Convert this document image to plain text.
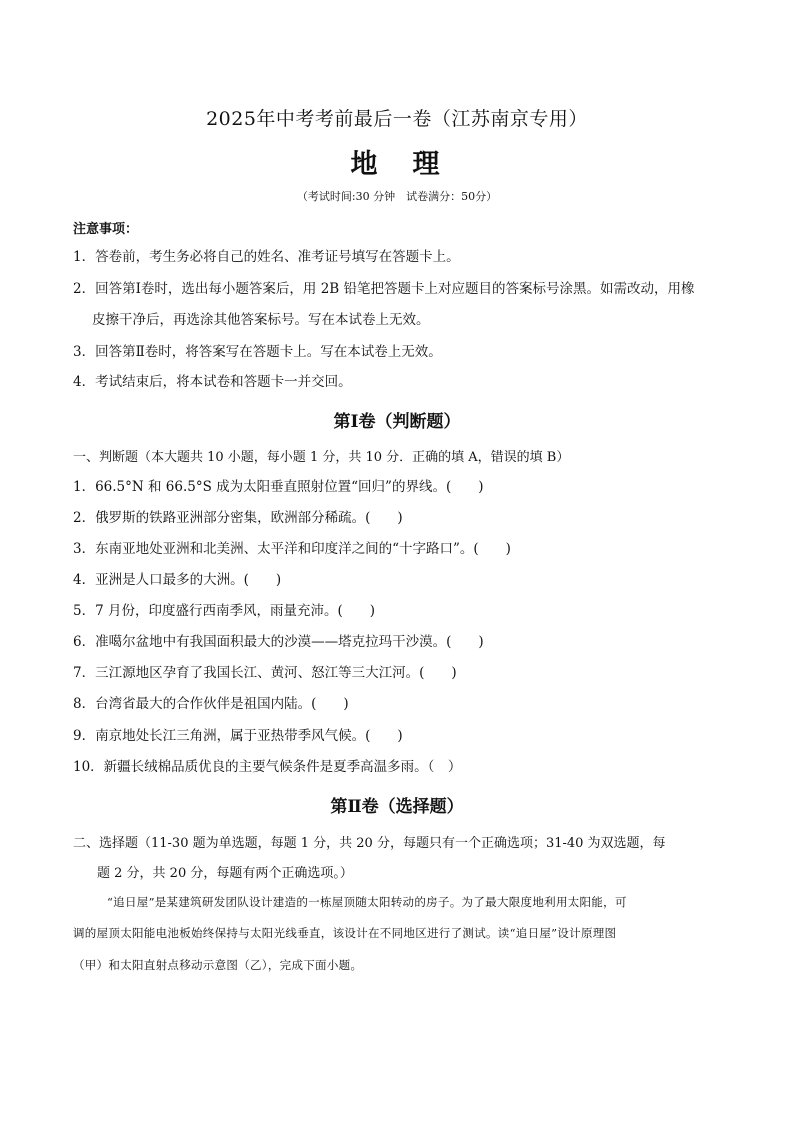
2025年中考考前最后一卷（江苏南京专用）
地　理
（考试时间:30 分钟　试卷满分：50分）
注意事项：
1．答卷前，考生务必将自己的姓名、准考证号填写在答题卡上。
2．回答第Ⅰ卷时，选出每小题答案后，用 2B 铅笔把答题卡上对应题目的答案标号涂黑。如需改动，用橡
皮擦干净后，再选涂其他答案标号。写在本试卷上无效。
3．回答第Ⅱ卷时，将答案写在答题卡上。写在本试卷上无效。
4．考试结束后，将本试卷和答题卡一并交回。
第Ⅰ卷（判断题）
一、判断题（本大题共 10 小题，每小题 1 分，共 10 分．正确的填 A，错误的填 B）
1．66.5°N 和 66.5°S 成为太阳垂直照射位置“回归”的界线。(　　)
2．俄罗斯的铁路亚洲部分密集，欧洲部分稀疏。(　　)
3．东南亚地处亚洲和北美洲、太平洋和印度洋之间的“十字路口”。(　　)
4．亚洲是人口最多的大洲。(　　)
5．7 月份，印度盛行西南季风，雨量充沛。(　　)
6．准噶尔盆地中有我国面积最大的沙漠——塔克拉玛干沙漠。(　　)
7．三江源地区孕育了我国长江、黄河、怒江等三大江河。(　　)
8．台湾省最大的合作伙伴是祖国内陆。(　　)
9．南京地处长江三角洲，属于亚热带季风气候。(　　)
10．新疆长绒棉品质优良的主要气候条件是夏季高温多雨。（　）
第Ⅱ卷（选择题）
二、选择题（11-30 题为单选题，每题 1 分，共 20 分，每题只有一个正确选项；31-40 为双选题，每
题 2 分，共 20 分，每题有两个正确选项。）
“追日屋”是某建筑研发团队设计建造的一栋屋顶随太阳转动的房子。为了最大限度地利用太阳能，可
调的屋顶太阳能电池板始终保持与太阳光线垂直，该设计在不同地区进行了测试。读“追日屋”设计原理图
（甲）和太阳直射点移动示意图（乙），完成下面小题。
